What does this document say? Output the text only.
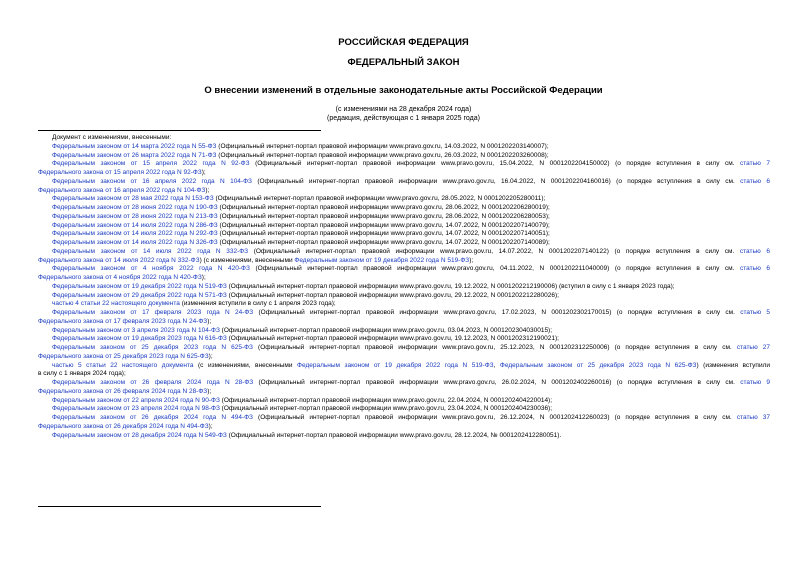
РОССИЙСКАЯ ФЕДЕРАЦИЯ
ФЕДЕРАЛЬНЫЙ ЗАКОН
О внесении изменений в отдельные законодательные акты Российской Федерации
(с изменениями на 28 декабря 2024 года)
(редакция, действующая с 1 января 2025 года)
Документ с изменениями, внесенными:
Федеральным законом от 14 марта 2022 года N 55-ФЗ (Официальный интернет-портал правовой информации www.pravo.gov.ru, 14.03.2022, N 0001202203140007);
Федеральным законом от 26 марта 2022 года N 71-ФЗ (Официальный интернет-портал правовой информации www.pravo.gov.ru, 26.03.2022, N 0001202203260008);
Федеральным законом от 15 апреля 2022 года N 92-ФЗ (Официальный интернет-портал правовой информации www.pravo.gov.ru, 15.04.2022, N 0001202204150002) (о порядке вступления в силу см. статью 7
Федерального закона от 15 апреля 2022 года N 92-ФЗ);
Федеральным законом от 16 апреля 2022 года N 104-ФЗ (Официальный интернет-портал правовой информации www.pravo.gov.ru, 16.04.2022, N 0001202204160016) (о порядке вступления в силу см. статью 6
Федерального закона от 16 апреля 2022 года N 104-ФЗ);
Федеральным законом от 28 мая 2022 года N 153-ФЗ (Официальный интернет-портал правовой информации www.pravo.gov.ru, 28.05.2022, N 0001202205280011);
Федеральным законом от 28 июня 2022 года N 190-ФЗ (Официальный интернет-портал правовой информации www.pravo.gov.ru, 28.06.2022, N 0001202206280019);
Федеральным законом от 28 июня 2022 года N 213-ФЗ (Официальный интернет-портал правовой информации www.pravo.gov.ru, 28.06.2022, N 0001202206280053);
Федеральным законом от 14 июля 2022 года N 286-ФЗ (Официальный интернет-портал правовой информации www.pravo.gov.ru, 14.07.2022, N 0001202207140079);
Федеральным законом от 14 июля 2022 года N 292-ФЗ (Официальный интернет-портал правовой информации www.pravo.gov.ru, 14.07.2022, N 0001202207140051);
Федеральным законом от 14 июля 2022 года N 326-ФЗ (Официальный интернет-портал правовой информации www.pravo.gov.ru, 14.07.2022, N 0001202207140089);
Федеральным законом от 14 июля 2022 года N 332-ФЗ (Официальный интернет-портал правовой информации www.pravo.gov.ru, 14.07.2022, N 0001202207140122) (о порядке вступления в силу см. статью 6
Федерального закона от 14 июля 2022 года N 332-ФЗ) (с изменениями, внесенными Федеральным законом от 19 декабря 2022 года N 519-ФЗ);
Федеральным законом от 4 ноября 2022 года N 420-ФЗ (Официальный интернет-портал правовой информации www.pravo.gov.ru, 04.11.2022, N 0001202211040009) (о порядке вступления в силу см. статью 6
Федерального закона от 4 ноября 2022 года N 420-ФЗ);
Федеральным законом от 19 декабря 2022 года N 519-ФЗ (Официальный интернет-портал правовой информации www.pravo.gov.ru, 19.12.2022, N 0001202212190006) (вступил в силу с 1 января 2023 года);
Федеральным законом от 29 декабря 2022 года N 571-ФЗ (Официальный интернет-портал правовой информации www.pravo.gov.ru, 29.12.2022, N 0001202212280026);
частью 4 статьи 22 настоящего документа (изменения вступили в силу с 1 апреля 2023 года);
Федеральным законом от 17 февраля 2023 года N 24-ФЗ (Официальный интернет-портал правовой информации www.pravo.gov.ru, 17.02.2023, N 0001202302170015) (о порядке вступления в силу см. статью 5
Федерального закона от 17 февраля 2023 года N 24-ФЗ);
Федеральным законом от 3 апреля 2023 года N 104-ФЗ (Официальный интернет-портал правовой информации www.pravo.gov.ru, 03.04.2023, N 0001202304030015);
Федеральным законом от 19 декабря 2023 года N 616-ФЗ (Официальный интернет-портал правовой информации www.pravo.gov.ru, 19.12.2023, N 0001202312190021);
Федеральным законом от 25 декабря 2023 года N 625-ФЗ (Официальный интернет-портал правовой информации www.pravo.gov.ru, 25.12.2023, N 0001202312250006) (о порядке вступления в силу см. статью 27
Федерального закона от 25 декабря 2023 года N 625-ФЗ);
частью 5 статьи 22 настоящего документа (с изменениями, внесенными Федеральным законом от 19 декабря 2022 года N 519-ФЗ, Федеральным законом от 25 декабря 2023 года N 625-ФЗ) (изменения вступили
в силу с 1 января 2024 года);
Федеральным законом от 26 февраля 2024 года N 28-ФЗ (Официальный интернет-портал правовой информации www.pravo.gov.ru, 26.02.2024, N 0001202402260016) (о порядке вступления в силу см. статью 9
Федерального закона от 26 февраля 2024 года N 28-ФЗ);
Федеральным законом от 22 апреля 2024 года N 90-ФЗ (Официальный интернет-портал правовой информации www.pravo.gov.ru, 22.04.2024, N 0001202404220014);
Федеральным законом от 23 апреля 2024 года N 98-ФЗ (Официальный интернет-портал правовой информации www.pravo.gov.ru, 23.04.2024, N 0001202404230036);
Федеральным законом от 26 декабря 2024 года N 494-ФЗ (Официальный интернет-портал правовой информации www.pravo.gov.ru, 26.12.2024, N 0001202412260023) (о порядке вступления в силу см. статью 37
Федерального закона от 26 декабря 2024 года N 494-ФЗ);
Федеральным законом от 28 декабря 2024 года N 549-ФЗ (Официальный интернет-портал правовой информации www.pravo.gov.ru, 28.12.2024, № 0001202412280051).
